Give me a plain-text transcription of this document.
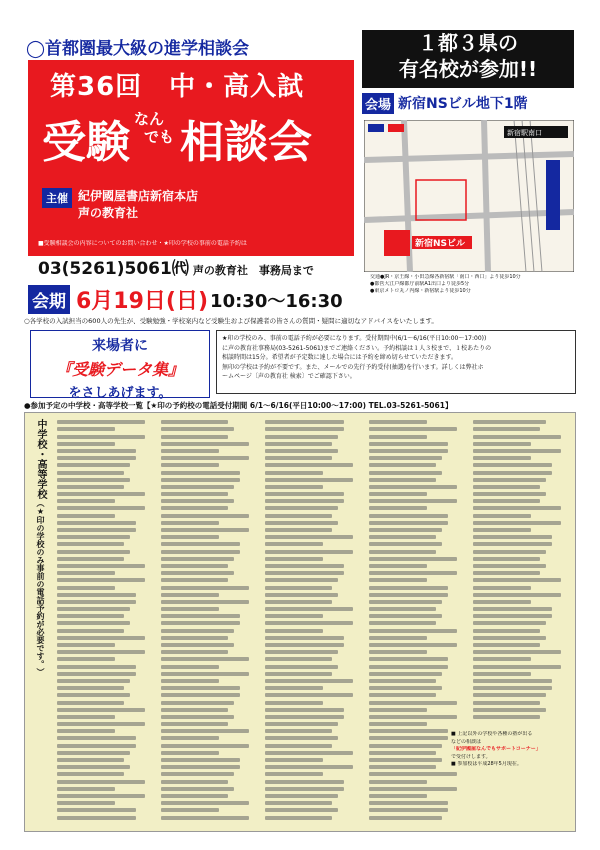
◯首都圏最大級の進学相談会
第36回　中・高入試
受験 なん
でも 相談会
主催 紀伊國屋書店新宿本店
声の教育社
■受験相談会の内容についてのお問い合わせ・★印の学校の事前の電話予約は
03(5261)5061㈹ 声の教育社　事務局まで
１都３県の
有名校が参加!!
会場 新宿NSビル地下1階
新宿NSビル
新宿駅南口
交通●JR・京王線・小田急線各新宿駅「南口・西口」より徒歩10分
●都営大江戸線都庁前駅A1出口より徒歩5分
●東京メトロ丸ノ内線・新宿駅より徒歩10分
会期 6月19日(日) 10:30〜16:30
○各学校の入試担当の600人の先生が、受験勉強・学校案内など受験生および保護者の皆さんの質問・疑問に適切なアドバイスをいたします。
来場者に
『受験データ集』
をさしあげます。
★印の学校のみ、事前の電話予約が必要になります。受付期間中(6/1〜6/16(平日10:00〜17:00))
に声の教育社事務局(03-5261-5061)までご連絡ください。予約相談は１人３校まで、１校あたりの
相談時間は15分。希望者が予定数に達した場合には予約を締め切らせていただきます。
無印の学校は予約が不要です。また、メールでの先行予約受付(抽選)を行います。詳しくは弊社ホ
ームページ〔声の教育社 検索〕でご確認下さい。
●参加予定の中学校・高等学校一覧【★印の予約校の電話受付期間 6/1〜6/16(平日10:00〜17:00) TEL.03-5261-5061】
中学校・高等学校（★印の学校のみ事前の電話予約が必要です。）
■ 上記以外の学校や各種の塾が出る
などの相談は
「紀伊國屋なんでもサポートコーナー」
で受付けします。
■ 参加校は平成28年5月現在。
